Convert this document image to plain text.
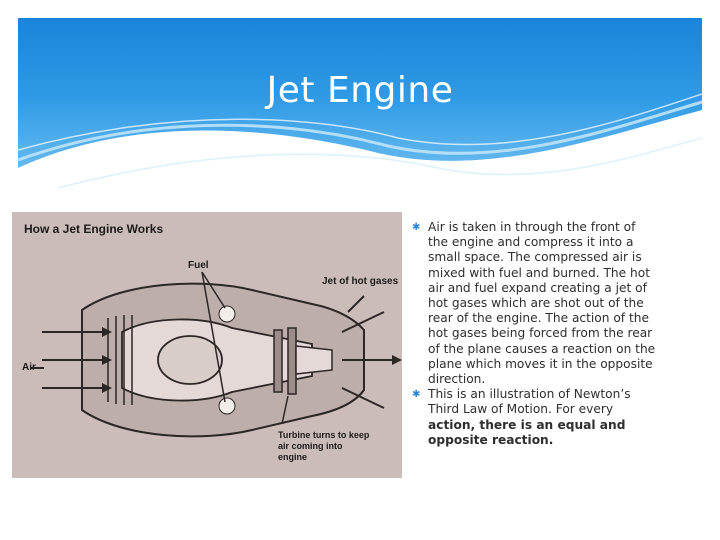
Jet Engine
How a Jet Engine Works
Fuel
Jet of hot gases
Air
Turbine turns to keep
air coming into
engine
✱ Air is taken in through the front of
the engine and compress it into a
small space. The compressed air is
mixed with fuel and burned. The hot
air and fuel expand creating a jet of
hot gases which are shot out of the
rear of the engine. The action of the
hot gases being forced from the rear
of the plane causes a reaction on the
plane which moves it in the opposite
direction.
✱ This is an illustration of Newton’s
Third Law of Motion. For every
action, there is an equal and
opposite reaction.
